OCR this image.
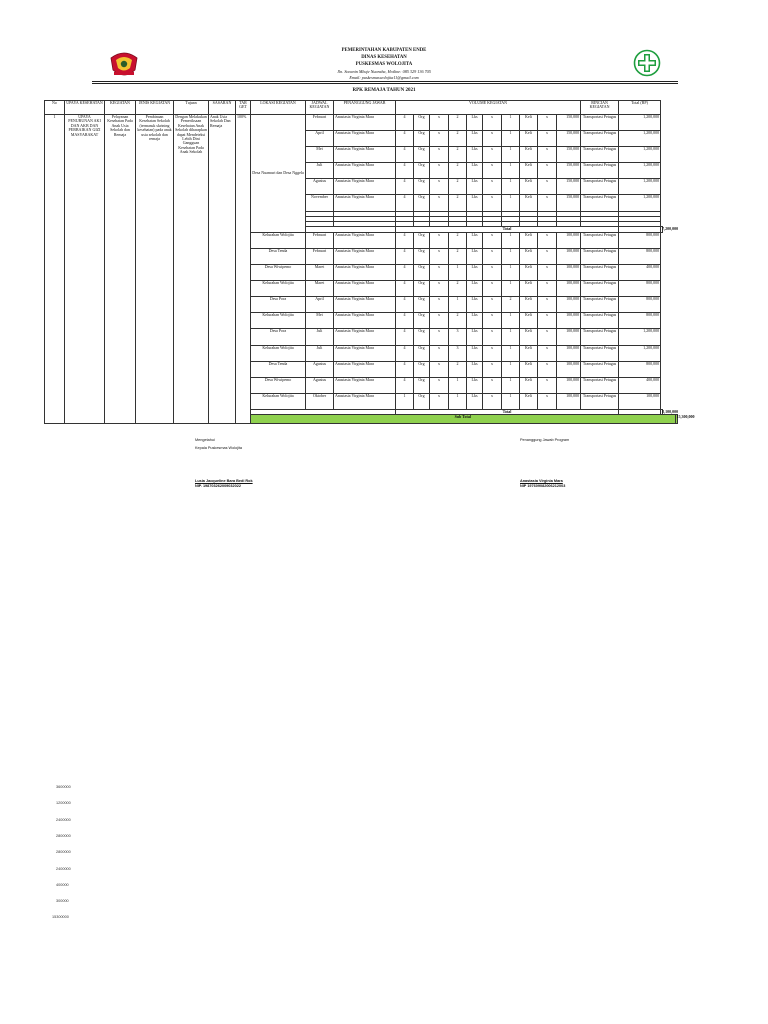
PEMERINTAHAN KABUPATEN ENDE
DINAS KESEHATAN
PUSKESMAS WOLOJITA
Jln. Soeanin Mbuje Nuaraha, Hotline: 085 329 136 705
Email: puskesmaswolojita11@gmail.com
RPK REMAJA TAHUN 2021
No	UPAYA KESEHATAN	KEGIATAN	JENIS KEGIATAN	Tujuan	SASARAN	TAR GET	LOKASI KEGIATAN	JADWAL KEGIATAN	PENANGGUNG JAWAB	VOLUME KEGIATAN										RINCIAN KEGIATAN	Total (RP)		
1	UPAYA PENURUNAN AKI DAN AKB DAN PERBAIKAN GIZI MASYARAKAT	Pelayanan Kesehatan Pada Anak Usia Sekolah dan Remaja	Pembinaan Kesehatan Sekolah (termasuk skrining kesehatan) pada anak usia sekolah dan remaja	Dengan Melakukan Pemeriksaan Kesehatan Anak Sekolah diharapkan dapat Mendeteksi Lebih Dini Gangguan Kesehatan Pada Anak Sekolah	Anak Usia Sekolah Dan Remaja	100%	Desa Nuamuri dan Desa Nggela	Februari	Anastasia Virginia Mara	4	Org	x	2	Lks	x	1	Keli	x	150,000	Transportasi Petugas	1,200,000		
								April	Anastasia Virginia Mara	4	Org	x	2	Lks	x	1	Keli	x	150,000	Transportasi Petugas	1,200,000		
								Mei	Anastasia Virginia Mara	4	Org	x	2	Lks	x	1	Keli	x	150,000	Transportasi Petugas	1,200,000		
								Juli	Anastasia Virginia Mara	4	Org	x	2	Lks	x	1	Keli	x	150,000	Transportasi Petugas	1,200,000		
								Agustus	Anastasia Virginia Mara	4	Org	x	2	Lks	x	1	Keli	x	150,000	Transportasi Petugas	1,200,000		
								November	Anastasia Virginia Mara	4	Org	x	2	Lks	x	1	Keli	x	150,000	Transportasi Petugas	1,200,000		

										Total												7,200,000	
							Kelurahan Wolojita	Februari	Anastasia Virginia Mara	4	Org	x	2	Lks	x	1	Keli	x	100,000	Transportasi Petugas	800,000		
							Desa Tenda	Februari	Anastasia Virginia Mara	4	Org	x	2	Lks	x	1	Keli	x	100,000	Transportasi Petugas	800,000		
							Desa Wiwipemo	Maret	Anastasia Virginia Mara	4	Org	x	1	Lks	x	1	Keli	x	100,000	Transportasi Petugas	400,000		
							Kelurahan Wolojita	Maret	Anastasia Virginia Mara	4	Org	x	2	Lks	x	1	Keli	x	100,000	Transportasi Petugas	800,000		
							Desa Pora	April	Anastasia Virginia Mara	4	Org	x	1	Lks	x	2	Keli	x	100,000	Transportasi Petugas	800,000		
							Kelurahan Wolojita	Mei	Anastasia Virginia Mara	4	Org	x	2	Lks	x	1	Keli	x	100,000	Transportasi Petugas	800,000		
							Desa Pora	Juli	Anastasia Virginia Mara	4	Org	x	3	Lks	x	1	Keli	x	100,000	Transportasi Petugas	1,200,000		
							Kelurahan Wolojita	Juli	Anastasia Virginia Mara	4	Org	x	3	Lks	x	1	Keli	x	100,000	Transportasi Petugas	1,200,000		
							Desa Tenda	Agustus	Anastasia Virginia Mara	4	Org	x	2	Lks	x	1	Keli	x	100,000	Transportasi Petugas	800,000		
							Desa Wiwipemo	Agustus	Anastasia Virginia Mara	4	Org	x	1	Lks	x	1	Keli	x	100,000	Transportasi Petugas	400,000		
							Kelurahan Wolojita	Oktober	Anastasia Virginia Mara	1	Org	x	1	Lks	x	1	Keli	x	100,000	Transportasi Petugas	100,000		
										Total												8,100,000	
							Sub Total																15,300,000
Mengetahui
Kepala Puskesmas Wolojita
Lusia Jacqueline Bara Bedi Rok
NIP. 198703262009032022
Penanggung Jawab Program
Anastasia Virginia Mara
NIP 197609082006212003
3600000
1200000
2400000
2800000
2800000
2400000
400000
300000
15300000
